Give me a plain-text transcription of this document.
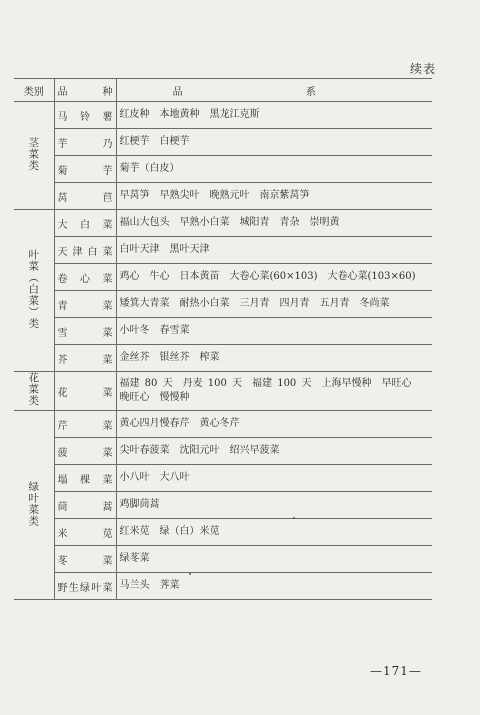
续表
类别	品 种	品 系
茎菜类	马 铃 薯	红皮种　本地黄种　黑龙江克斯
	芋　　乃	红梗芋　白梗芋
	菊　　芋	菊芋（白皮）
	莴　　苣	早莴笋　早熟尖叶　晚熟元叶　南京紫莴笋
叶菜（白菜）类	大 白 菜	福山大包头　早熟小白菜　城阳青　青杂　崇明黄
	天津白菜	白叶天津　黑叶天津
	卷 心 菜	鸡心　牛心　日本黄苗　大卷心菜(60×103)　大卷心菜(103×60)
	青　　菜	矮箕大青菜　耐热小白菜　三月青　四月青　五月青　冬尚菜
	雪　　菜	小叶冬　春雪菜
	芥　　菜	金丝芥　银丝芥　榨菜
花菜类	花　　菜	福建 80 天　丹麦 100 天　福建 100 天　上海早慢种　早旺心　晚旺心　慢慢种
绿叶菜类	芹　　菜	黄心四月慢春芹　黄心冬芹
	菠　　菜	尖叶春菠菜　沈阳元叶　绍兴早菠菜
	塌 棵 菜	小八叶　大八叶
	茼　　蒿	鸡脚茼蒿
	米　　苋	红米苋　绿（白）米苋
	苳　　菜	绿苳菜
	野生绿叶菜	马兰头　荠菜
—171—
